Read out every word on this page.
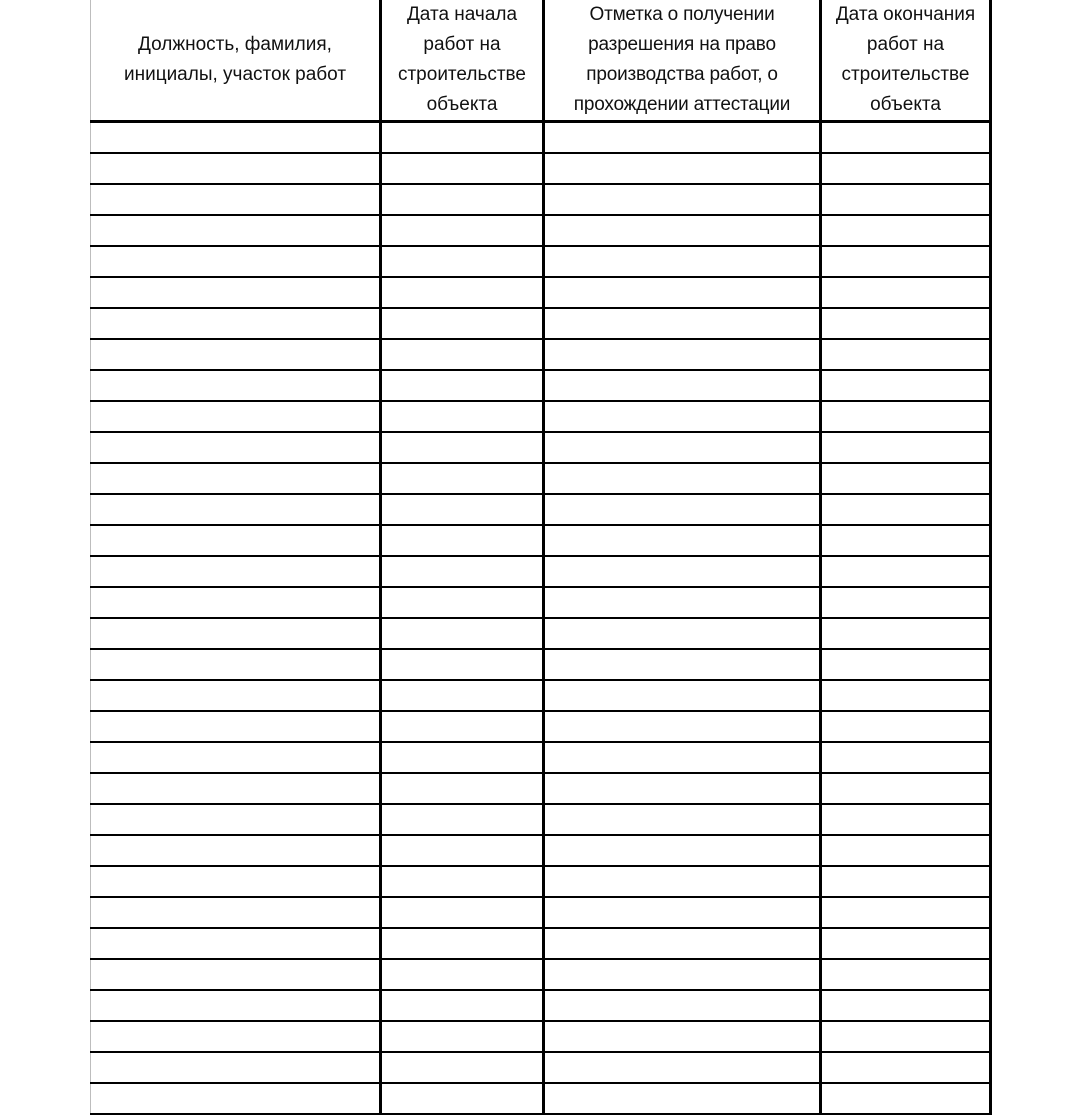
Должность, фамилия, инициалы, участок работ	Дата начала работ на строительстве объекта	Отметка о получении разрешения на право производства работ, о прохождении аттестации	Дата окончания работ на строительстве объекта
